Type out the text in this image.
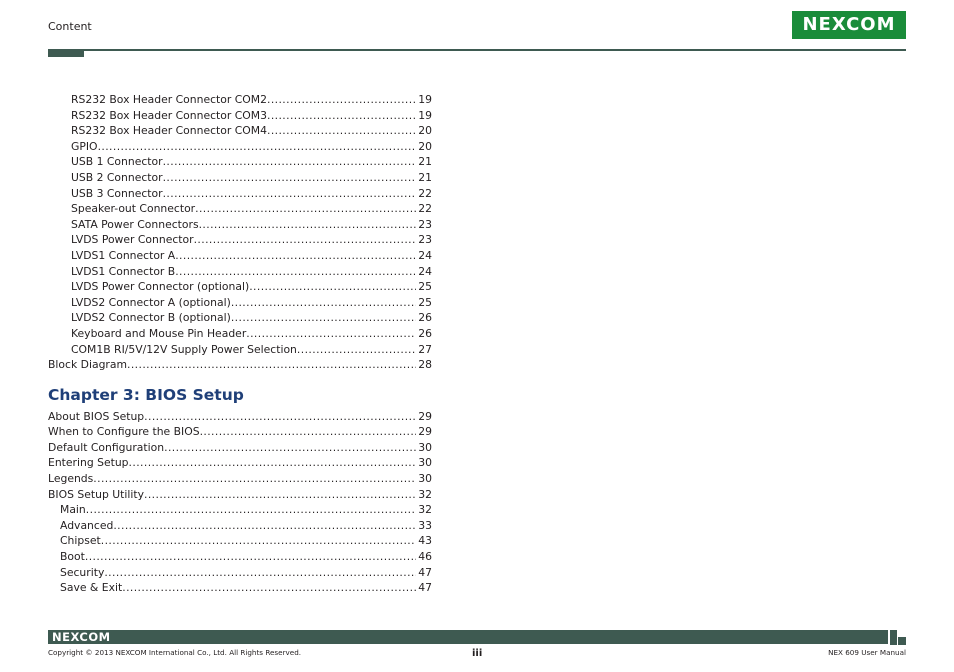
Content	NEXCOM
RS232 Box Header Connector COM2 .....	19
RS232 Box Header Connector COM3 .....	19
RS232 Box Header Connector COM4 .....	20
GPIO .....	20
USB 1 Connector .....	21
USB 2 Connector .....	21
USB 3 Connector .....	22
Speaker-out Connector .....	22
SATA Power Connectors .....	23
LVDS Power Connector .....	23
LVDS1 Connector A .....	24
LVDS1 Connector B .....	24
LVDS Power Connector (optional) .....	25
LVDS2 Connector A (optional) .....	25
LVDS2 Connector B (optional) .....	26
Keyboard and Mouse Pin Header .....	26
COM1B RI/5V/12V Supply Power Selection .....	27
Block Diagram .....	28
Chapter 3: BIOS Setup
About BIOS Setup .....	29
When to Configure the BIOS .....	29
Default Configuration .....	30
Entering Setup .....	30
Legends .....	30
BIOS Setup Utility .....	32
Main .....	32
Advanced .....	33
Chipset .....	43
Boot .....	46
Security .....	47
Save & Exit .....	47
NEXCOM
Copyright © 2013 NEXCOM International Co., Ltd. All Rights Reserved.	iii	NEX 609 User Manual
